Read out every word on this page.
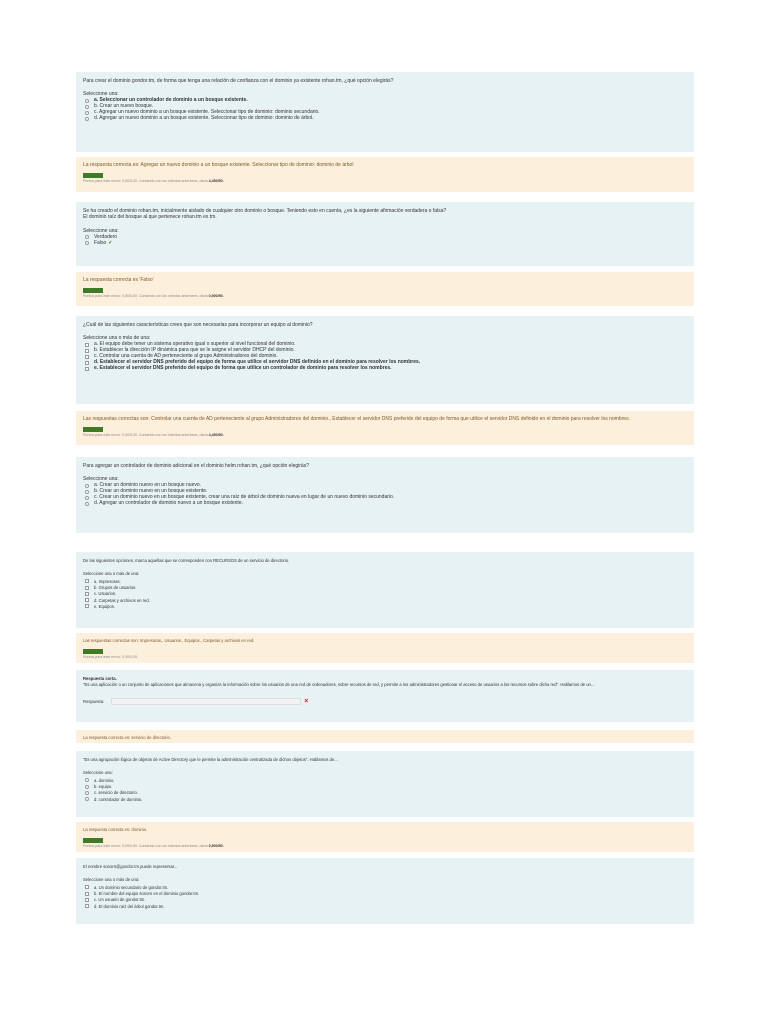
Para crear el dominio gondor.tm, de forma que tenga una relación de confianza con el dominio ya existente rohan.tm, ¿qué opción elegirás?
Seleccione una:
a. Seleccionar un controlador de dominio a un bosque existente.
b. Crear un nuevo bosque.
c. Agregar un nuevo dominio a un bosque existente. Seleccionar tipo de dominio: dominio secundario.
d. Agregar un nuevo dominio a un bosque existente. Seleccionar tipo de dominio: dominio de árbol.
La respuesta correcta es: Agregar un nuevo dominio a un bosque existente. Seleccionar tipo de dominio: dominio de árbol
Puntos para este envío: 0,00/5,00. Contando con los intentos anteriores, daría 4,450/50.
Se ha creado el dominio rohan.tm, inicialmente aislado de cualquier otro dominio o bosque. Teniendo esto en cuenta, ¿es la siguiente afirmación verdadera o falsa?
El dominio raíz del bosque al que pertenece rohan.tm es tm.
Seleccione una:
Verdadero
Falso ✔
La respuesta correcta es 'Falso'
Puntos para este envío: 0,50/0,50. Contando con los intentos anteriores, daría 0,500/50.
¿Cuál de las siguientes características crees que son necesarias para incorporar un equipo al dominio?
Seleccione una o más de una:
a. El equipo debe tener un sistema operativo igual o superior al nivel funcional del dominio.
b. Establecer la dirección IP dinámica para que se le asigne el servidor DHCP del dominio.
c. Controlar una cuenta de AD perteneciente al grupo Administradores del dominio.
d. Establecer el servidor DNS preferido del equipo de forma que utilice el servidor DNS definido en el dominio para resolver los nombres.
e. Establecer el servidor DNS preferido del equipo de forma que utilice un controlador de dominio para resolver los nombres.
Las respuestas correctas son: Controlar una cuenta de AD perteneciente al grupo Administradores del dominio., Establecer el servidor DNS preferido del equipo de forma que utilice el servidor DNS definido en el dominio para resolver los nombres.
Puntos para este envío: 0,50/5,00. Contando con los intentos anteriores, daría 4,450/50.
Para agregar un controlador de dominio adicional en el dominio helm.rohan.tm, ¿qué opción elegirás?
Seleccione una:
a. Crear un dominio nuevo en un bosque nuevo.
b. Crear un dominio nuevo en un bosque existente.
c. Crear un dominio nuevo en un bosque existente, crear una raíz de árbol de dominio nueva en lugar de un nuevo dominio secundario.
d. Agregar un controlador de dominio nuevo a un bosque existente.
De las siguientes opciones, marca aquellas que se corresponden con RECURSOS de un servicio de directorio.
Seleccione una o más de una:
a. Impresoras.
b. Grupos de usuarios.
c. Usuarios.
d. Carpetas y archivos en red.
e. Equipos.
Las respuestas correctas son: Impresoras., Usuarios., Equipos., Carpetas y archivos en red.
Puntos para este envío: 0,00/0,00.
Respuesta corta.
"Es una aplicación o un conjunto de aplicaciones que almacena y organiza la información sobre los usuarios de una red de ordenadores, sobre recursos de red, y permite a los administradores gestionar el acceso de usuarios a los recursos sobre dicha red". Hablamos de un...
Respuesta:	×
La respuesta correcta es: servicio de directorio.
"Es una agrupación lógica de objetos de Active Directory que le permite la administración centralizada de dichos objetos". Hablamos de...
Seleccione una:
a. dominio.
b. equipo.
c. servicio de directorio.
d. controlador de dominio.
La respuesta correcta es: dominio.
Puntos para este envío: 0,00/0,50. Contando con los intentos anteriores, daría 0,500/50.
El nombre sonorn@gondor.tm puede representar...
Seleccione una o más de una:
a. Un dominio secundario de gondor.tm.
b. El nombre del equipo sonorn en el dominio gondor.tm.
c. Un usuario de gondor.tm.
d. El dominio raíz del árbol gondor.tm.
